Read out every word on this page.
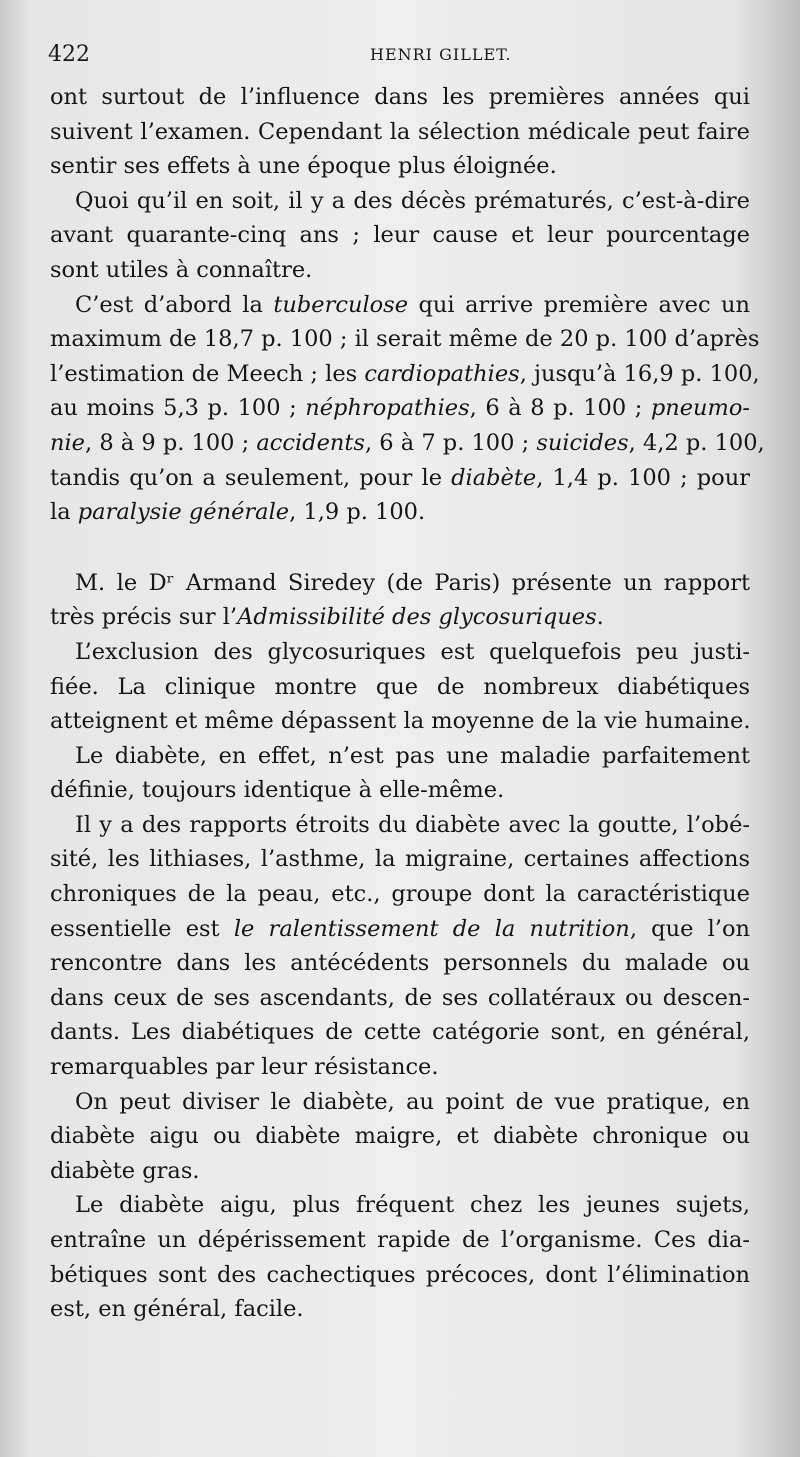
422	HENRI GILLET.
ont surtout de l’influence dans les premières années qui
suivent l’examen. Cependant la sélection médicale peut faire
sentir ses effets à une époque plus éloignée.
Quoi qu’il en soit, il y a des décès prématurés, c’est-à-dire
avant quarante-cinq ans ; leur cause et leur pourcentage
sont utiles à connaître.
C’est d’abord la tuberculose qui arrive première avec un
maximum de 18,7 p. 100 ; il serait même de 20 p. 100 d’après
l’estimation de Meech ; les cardiopathies, jusqu’à 16,9 p. 100,
au moins 5,3 p. 100 ; néphropathies, 6 à 8 p. 100 ; pneumo-
nie, 8 à 9 p. 100 ; accidents, 6 à 7 p. 100 ; suicides, 4,2 p. 100,
tandis qu’on a seulement, pour le diabète, 1,4 p. 100 ; pour
la paralysie générale, 1,9 p. 100.
M. le Dʳ Armand Siredey (de Paris) présente un rapport
très précis sur l’Admissibilité des glycosuriques.
L’exclusion des glycosuriques est quelquefois peu justi-
fiée. La clinique montre que de nombreux diabétiques
atteignent et même dépassent la moyenne de la vie humaine.
Le diabète, en effet, n’est pas une maladie parfaitement
définie, toujours identique à elle-même.
Il y a des rapports étroits du diabète avec la goutte, l’obé-
sité, les lithiases, l’asthme, la migraine, certaines affections
chroniques de la peau, etc., groupe dont la caractéristique
essentielle est le ralentissement de la nutrition, que l’on
rencontre dans les antécédents personnels du malade ou
dans ceux de ses ascendants, de ses collatéraux ou descen-
dants. Les diabétiques de cette catégorie sont, en général,
remarquables par leur résistance.
On peut diviser le diabète, au point de vue pratique, en
diabète aigu ou diabète maigre, et diabète chronique ou
diabète gras.
Le diabète aigu, plus fréquent chez les jeunes sujets,
entraîne un dépérissement rapide de l’organisme. Ces dia-
bétiques sont des cachectiques précoces, dont l’élimination
est, en général, facile.
